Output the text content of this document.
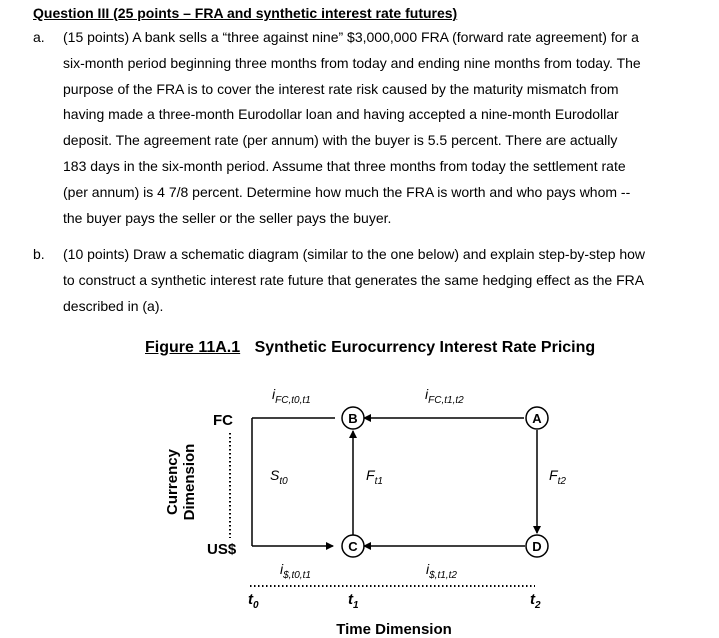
Question III (25 points – FRA and synthetic interest rate futures)
a. (15 points) A bank sells a “three against nine” $3,000,000 FRA (forward rate agreement) for a

six-month period beginning three months from today and ending nine months from today. The

purpose of the FRA is to cover the interest rate risk caused by the maturity mismatch from

having made a three-month Eurodollar loan and having accepted a nine-month Eurodollar

deposit. The agreement rate (per annum) with the buyer is 5.5 percent. There are actually

183 days in the six-month period. Assume that three months from today the settlement rate

(per annum) is 4 7/8 percent. Determine how much the FRA is worth and who pays whom --

the buyer pays the seller or the seller pays the buyer.

b. (10 points) Draw a schematic diagram (similar to the one below) and explain step-by-step how

to construct a synthetic interest rate future that generates the same hedging effect as the FRA

described in (a).

Figure 11A.1 Synthetic Eurocurrency Interest Rate Pricing
Currency Dimension
FC
US$
B	A
C	D
$i_{FC,t0,t1}$	$i_{FC,t1,t2}$
$i_{\$,t0,t1}$	$i_{\$,t1,t2}$
$S_{t0}$	$F_{t1}$	$F_{t2}$
$t_0$	$t_1$	$t_2$
Time Dimension
